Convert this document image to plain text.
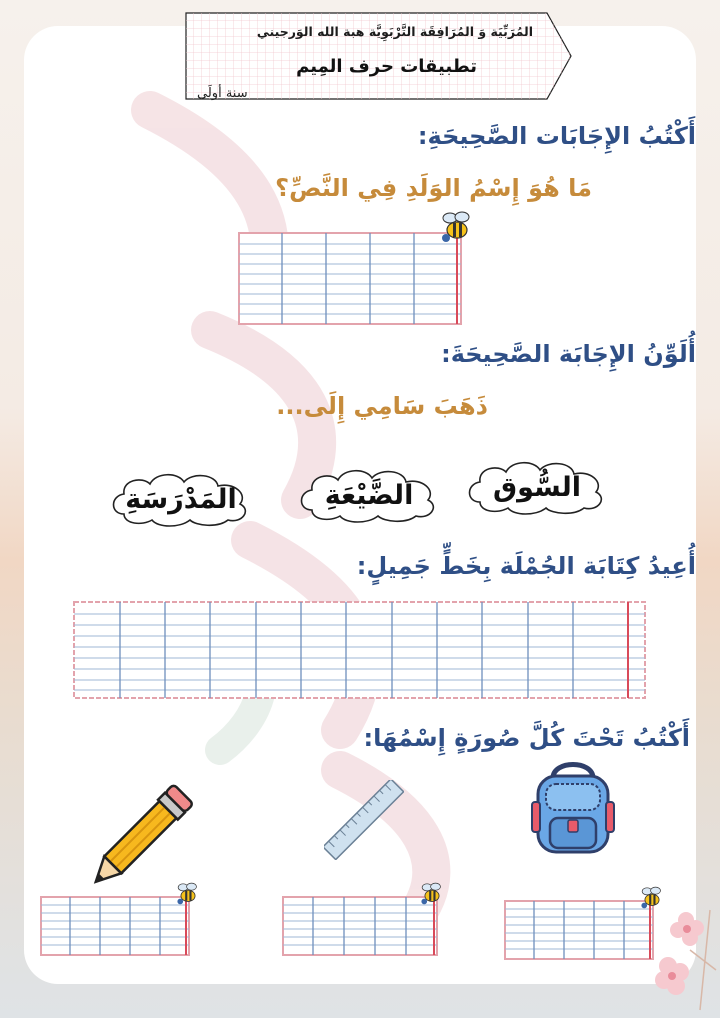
المُرَبِّيَة وَ المُرَافِقَة التَّرْبَوِيَّة هبة الله الوَرجيني
تطبيقات حرف المِيم
سنة أولَى
أَكْتُبُ الإِجَابَات الصَّحِيحَةِ:
مَا هُوَ إِسْمُ الوَلَدِ فِي النَّصِّ؟
أُلَوِّنُ الإِجَابَة الصَّحِيحَةَ:
ذَهَبَ سَامِي إِلَى...
السُّوق
الضَّيْعَةِ
المَدْرَسَةِ
أُعِيدُ كِتَابَة الجُمْلَة بِخَطٍّ جَمِيلٍ:
أَكْتُبُ تَحْتَ كُلَّ صُورَةٍ إِسْمُهَا:
